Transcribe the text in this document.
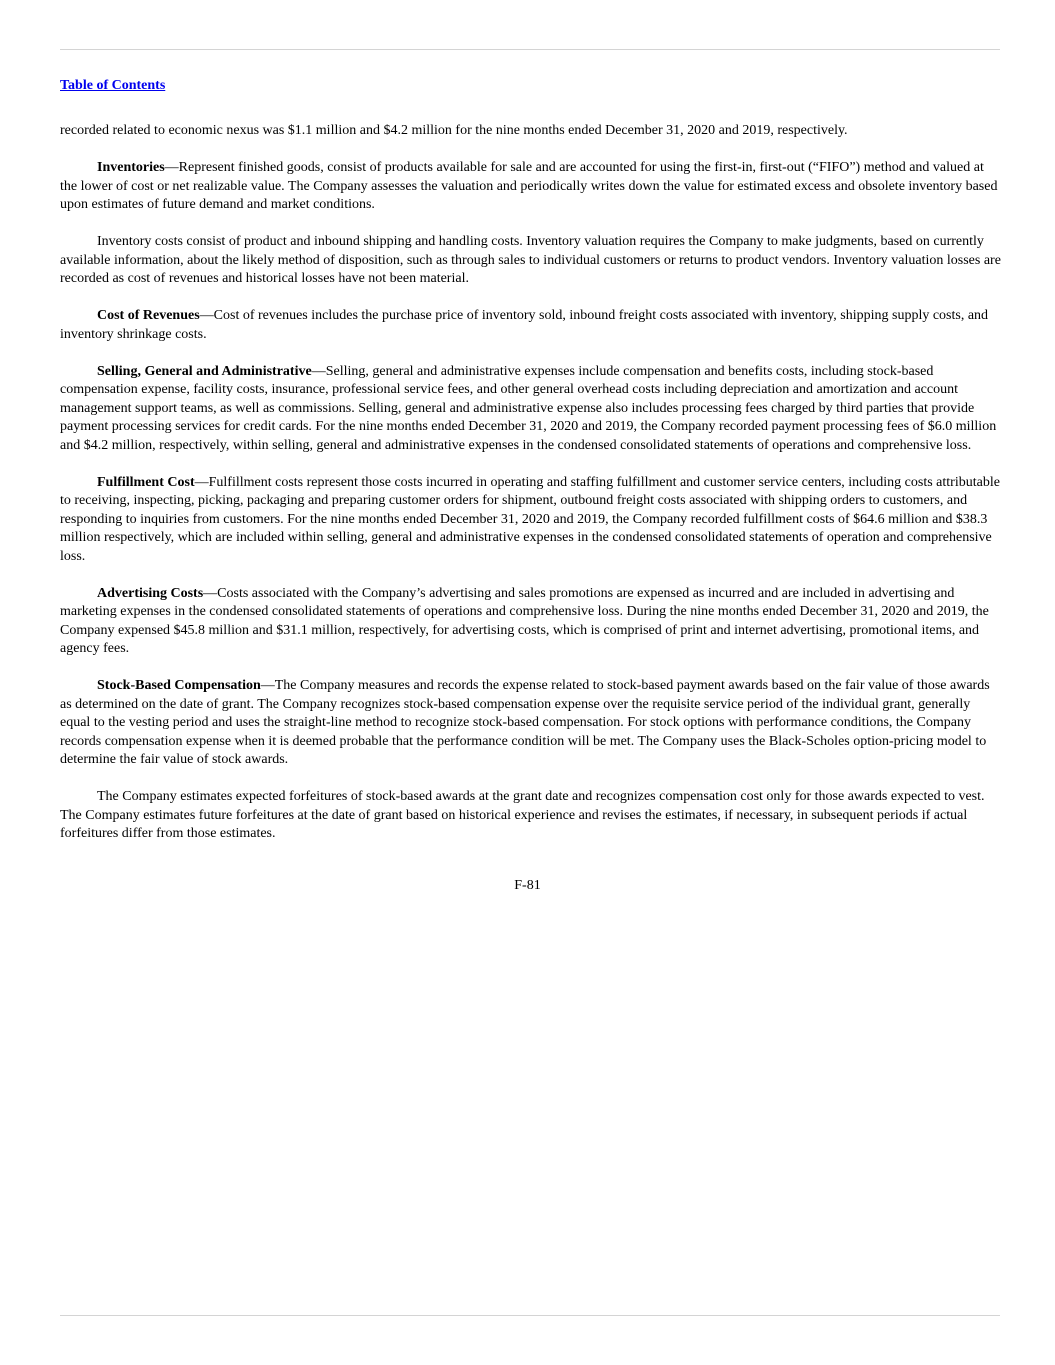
Table of Contents

recorded related to economic nexus was $1.1 million and $4.2 million for the nine months ended December 31, 2020 and 2019, respectively.

Inventories—Represent finished goods, consist of products available for sale and are accounted for using the first-in, first-out (“FIFO”) method and valued at the lower of cost or net realizable value. The Company assesses the valuation and periodically writes down the value for estimated excess and obsolete inventory based upon estimates of future demand and market conditions.

Inventory costs consist of product and inbound shipping and handling costs. Inventory valuation requires the Company to make judgments, based on currently available information, about the likely method of disposition, such as through sales to individual customers or returns to product vendors. Inventory valuation losses are recorded as cost of revenues and historical losses have not been material.

Cost of Revenues—Cost of revenues includes the purchase price of inventory sold, inbound freight costs associated with inventory, shipping supply costs, and inventory shrinkage costs.

Selling, General and Administrative—Selling, general and administrative expenses include compensation and benefits costs, including stock-based compensation expense, facility costs, insurance, professional service fees, and other general overhead costs including depreciation and amortization and account management support teams, as well as commissions. Selling, general and administrative expense also includes processing fees charged by third parties that provide payment processing services for credit cards. For the nine months ended December 31, 2020 and 2019, the Company recorded payment processing fees of $6.0 million and $4.2 million, respectively, within selling, general and administrative expenses in the condensed consolidated statements of operations and comprehensive loss.

Fulfillment Cost—Fulfillment costs represent those costs incurred in operating and staffing fulfillment and customer service centers, including costs attributable to receiving, inspecting, picking, packaging and preparing customer orders for shipment, outbound freight costs associated with shipping orders to customers, and responding to inquiries from customers. For the nine months ended December 31, 2020 and 2019, the Company recorded fulfillment costs of $64.6 million and $38.3 million respectively, which are included within selling, general and administrative expenses in the condensed consolidated statements of operation and comprehensive loss.

Advertising Costs—Costs associated with the Company’s advertising and sales promotions are expensed as incurred and are included in advertising and marketing expenses in the condensed consolidated statements of operations and comprehensive loss. During the nine months ended December 31, 2020 and 2019, the Company expensed $45.8 million and $31.1 million, respectively, for advertising costs, which is comprised of print and internet advertising, promotional items, and agency fees.

Stock-Based Compensation—The Company measures and records the expense related to stock-based payment awards based on the fair value of those awards as determined on the date of grant. The Company recognizes stock-based compensation expense over the requisite service period of the individual grant, generally equal to the vesting period and uses the straight-line method to recognize stock-based compensation. For stock options with performance conditions, the Company records compensation expense when it is deemed probable that the performance condition will be met. The Company uses the Black-Scholes option-pricing model to determine the fair value of stock awards.

The Company estimates expected forfeitures of stock-based awards at the grant date and recognizes compensation cost only for those awards expected to vest. The Company estimates future forfeitures at the date of grant based on historical experience and revises the estimates, if necessary, in subsequent periods if actual forfeitures differ from those estimates.

F-81
